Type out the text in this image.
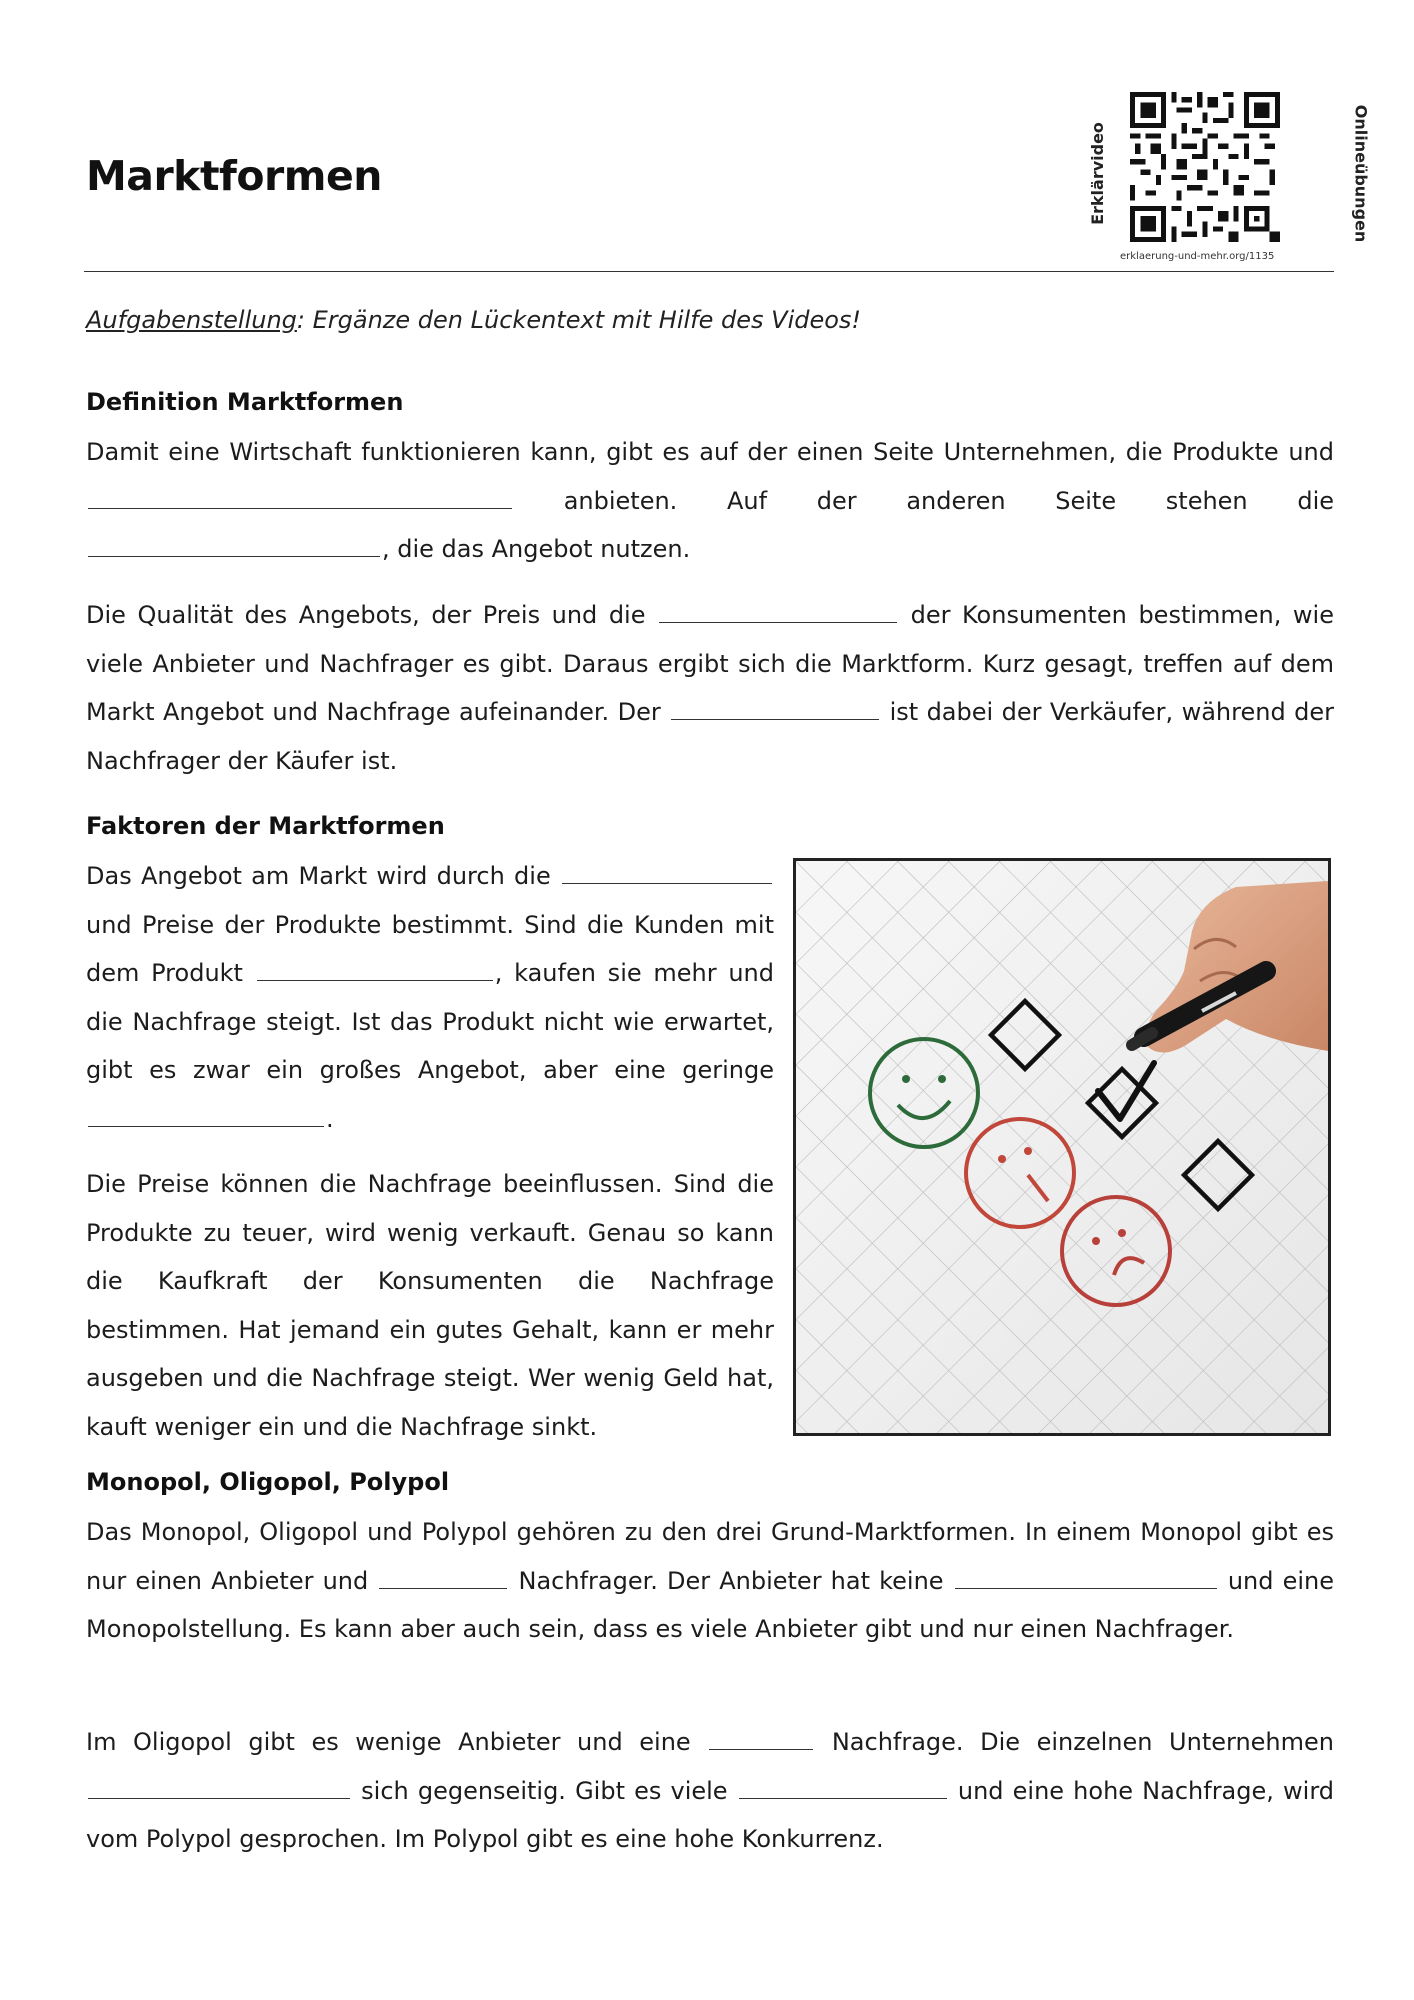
Marktformen	Erklärvideo	Onlineübungen
erklaerung-und-mehr.org/1135

Aufgabenstellung: Ergänze den Lückentext mit Hilfe des Videos!

Definition Marktformen

Damit eine Wirtschaft funktionieren kann, gibt es auf der einen Seite Unternehmen, die Produkte und  anbieten. Auf der anderen Seite stehen die , die das Angebot nutzen.

Die Qualität des Angebots, der Preis und die	der Konsumenten bestimmen, wie viele Anbieter und Nachfrager es gibt. Daraus ergibt sich die Marktform. Kurz gesagt, treffen auf dem Markt Angebot und Nachfrage aufeinander. Der	ist dabei der Verkäufer, während der Nachfrager der Käufer ist.

Faktoren der Marktformen

Das Angebot am Markt wird durch die  und Preise der Produkte bestimmt. Sind die Kunden mit dem Produkt	, kaufen sie mehr und die Nachfrage steigt. Ist das Produkt nicht wie erwartet, gibt es zwar ein großes Angebot, aber eine geringe .

Die Preise können die Nachfrage beeinflussen. Sind die Produkte zu teuer, wird wenig verkauft. Genau so kann die Kaufkraft der Konsumenten die Nachfrage bestimmen. Hat jemand ein gutes Gehalt, kann er mehr ausgeben und die Nachfrage steigt. Wer wenig Geld hat, kauft weniger ein und die Nachfrage sinkt.

Monopol, Oligopol, Polypol

Das Monopol, Oligopol und Polypol gehören zu den drei Grund-Marktformen. In einem Monopol gibt es nur einen Anbieter und	Nachfrager. Der Anbieter hat keine	und eine Monopolstellung. Es kann aber auch sein, dass es viele Anbieter gibt und nur einen Nachfrager.

Im Oligopol gibt es wenige Anbieter und eine	Nachfrage. Die einzelnen Unternehmen  sich gegenseitig. Gibt es viele	und eine hohe Nachfrage, wird vom Polypol gesprochen. Im Polypol gibt es eine hohe Konkurrenz.
